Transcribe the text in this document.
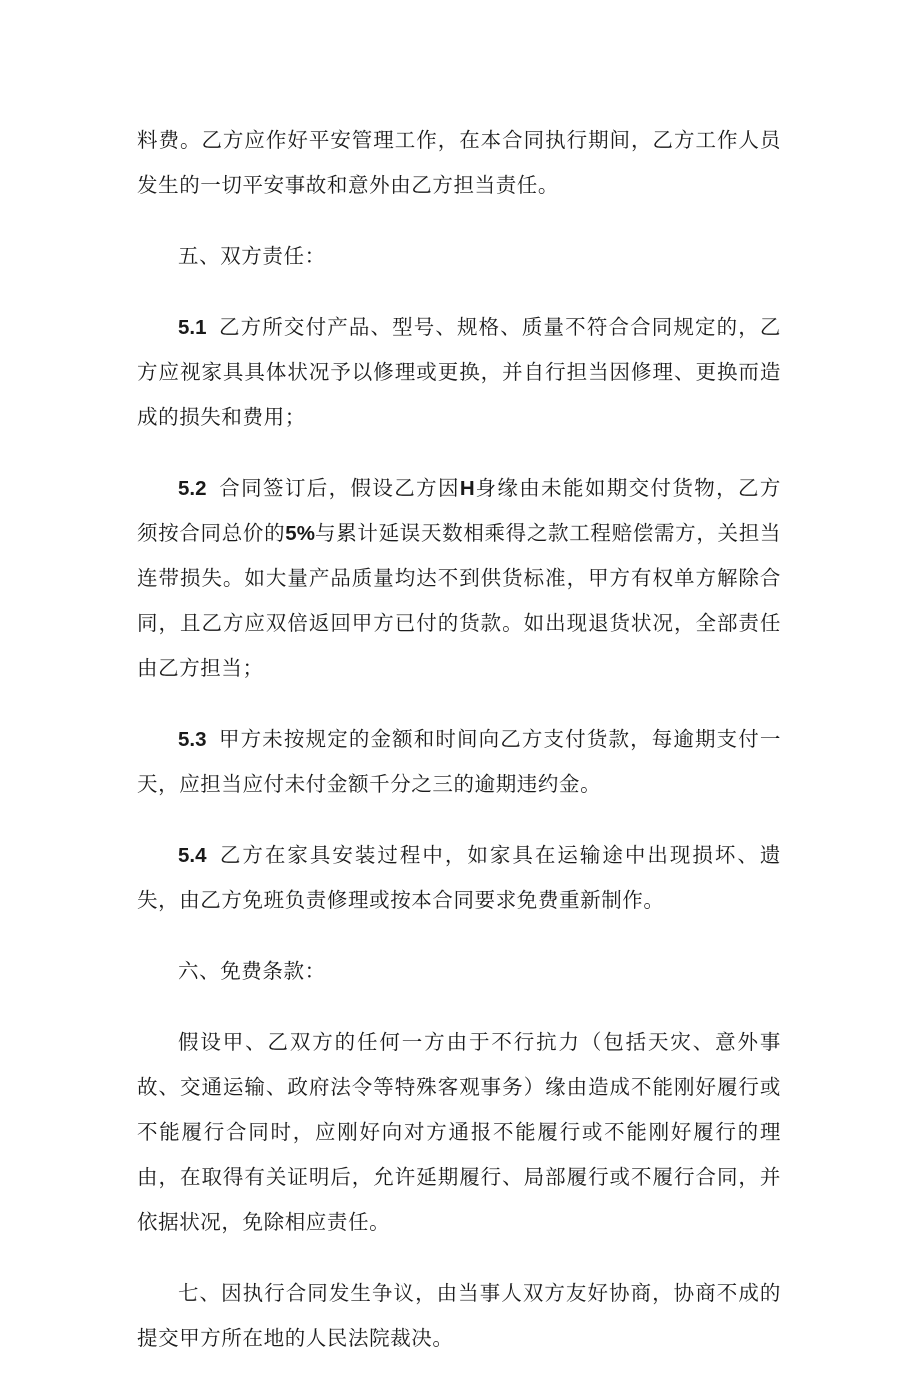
料费。乙方应作好平安管理工作，在本合同执行期间，乙方工作人员发生的一切平安事故和意外由乙方担当责任。

五、双方责任：

5.1 乙方所交付产品、型号、规格、质量不符合合同规定的，乙方应视家具具体状况予以修理或更换，并自行担当因修理、更换而造成的损失和费用；

5.2 合同签订后，假设乙方因H身缘由未能如期交付货物，乙方须按合同总价的5%与累计延误天数相乘得之款工程赔偿需方，关担当连带损失。如大量产品质量均达不到供货标准，甲方有权单方解除合同，且乙方应双倍返回甲方已付的货款。如出现退货状况，全部责任由乙方担当；

5.3 甲方未按规定的金额和时间向乙方支付货款，每逾期支付一天，应担当应付未付金额千分之三的逾期违约金。

5.4 乙方在家具安装过程中，如家具在运输途中出现损坏、遗失，由乙方免班负责修理或按本合同要求免费重新制作。

六、免费条款：

假设甲、乙双方的任何一方由于不行抗力（包括天灾、意外事故、交通运输、政府法令等特殊客观事务）缘由造成不能刚好履行或不能履行合同时，应刚好向对方通报不能履行或不能刚好履行的理由，在取得有关证明后，允许延期履行、局部履行或不履行合同，并依据状况，免除相应责任。

七、因执行合同发生争议，由当事人双方友好协商，协商不成的提交甲方所在地的人民法院裁决。
